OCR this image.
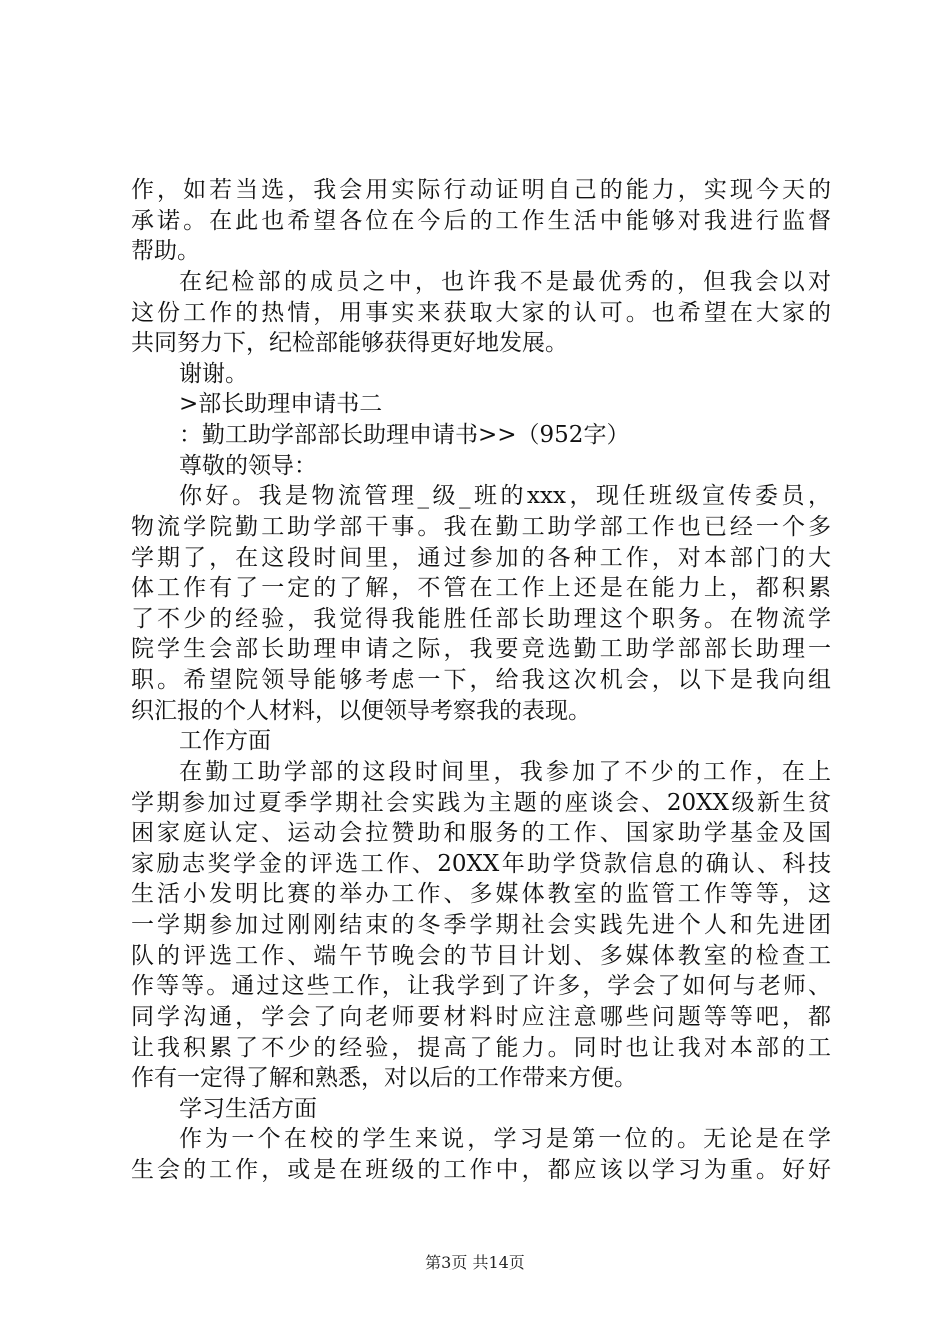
作，如若当选，我会用实际行动证明自己的能力，实现今天的
承诺。在此也希望各位在今后的工作生活中能够对我进行监督
帮助。
在纪检部的成员之中，也许我不是最优秀的，但我会以对
这份工作的热情，用事实来获取大家的认可。也希望在大家的
共同努力下，纪检部能够获得更好地发展。
谢谢。
>部长助理申请书二
：勤工助学部部长助理申请书>>（952字）
尊敬的领导：
你好。我是物流管理_级_班的xxx，现任班级宣传委员，
物流学院勤工助学部干事。我在勤工助学部工作也已经一个多
学期了，在这段时间里，通过参加的各种工作，对本部门的大
体工作有了一定的了解，不管在工作上还是在能力上，都积累
了不少的经验，我觉得我能胜任部长助理这个职务。在物流学
院学生会部长助理申请之际，我要竞选勤工助学部部长助理一
职。希望院领导能够考虑一下，给我这次机会，以下是我向组
织汇报的个人材料，以便领导考察我的表现。
工作方面
在勤工助学部的这段时间里，我参加了不少的工作，在上
学期参加过夏季学期社会实践为主题的座谈会、20XX级新生贫
困家庭认定、运动会拉赞助和服务的工作、国家助学基金及国
家励志奖学金的评选工作、20XX年助学贷款信息的确认、科技
生活小发明比赛的举办工作、多媒体教室的监管工作等等，这
一学期参加过刚刚结束的冬季学期社会实践先进个人和先进团
队的评选工作、端午节晚会的节目计划、多媒体教室的检查工
作等等。通过这些工作，让我学到了许多，学会了如何与老师、
同学沟通，学会了向老师要材料时应注意哪些问题等等吧，都
让我积累了不少的经验，提高了能力。同时也让我对本部的工
作有一定得了解和熟悉，对以后的工作带来方便。
学习生活方面
作为一个在校的学生来说，学习是第一位的。无论是在学
生会的工作，或是在班级的工作中，都应该以学习为重。好好
第3页 共14页
